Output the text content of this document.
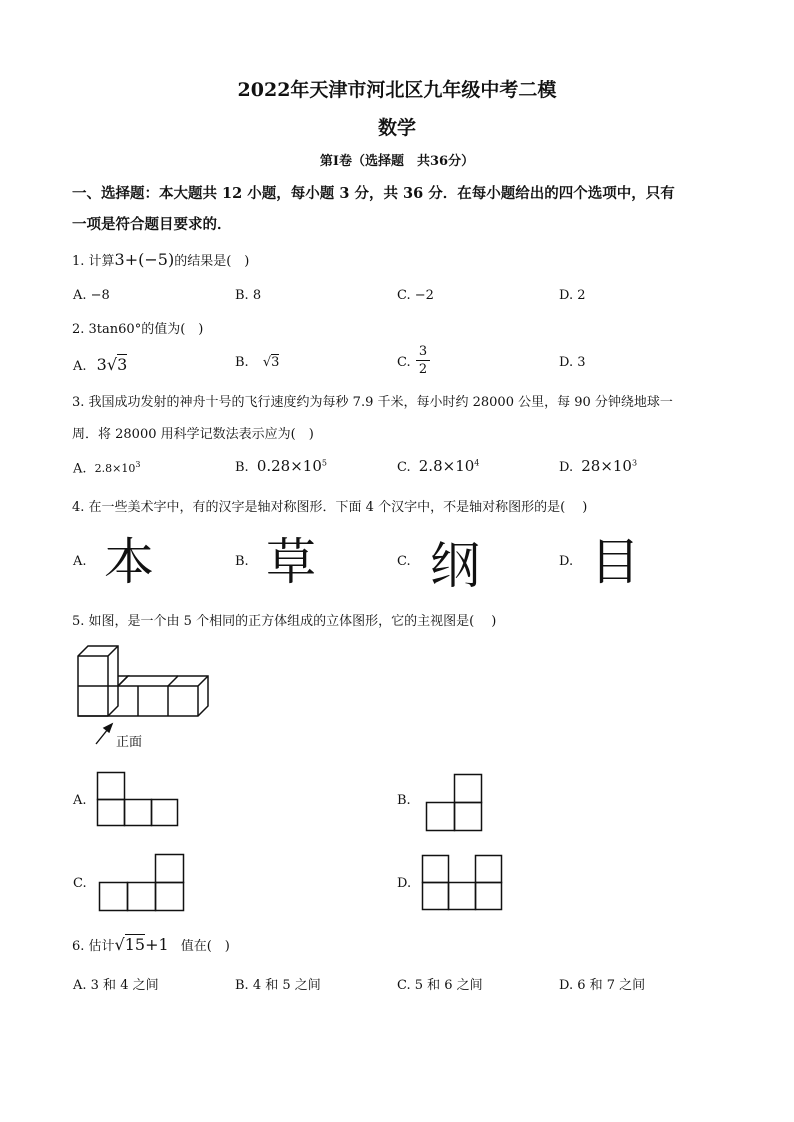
2022年天津市河北区九年级中考二模
数学
第Ⅰ卷（选择题　共36分）
一、选择题：本大题共 12 小题，每小题 3 分，共 36 分．在每小题给出的四个选项中，只有
一项是符合题目要求的．
1. 计算3+(−5)的结果是(　)
A. −8	B. 8	C. −2	D. 2
2. 3tan60°的值为(　)
A. 3√3	B. √3	C. $\frac{3}{2}$	D. 3
3. 我国成功发射的神舟十号的飞行速度约为每秒 7.9 千米，每小时约 28000 公里，每 90 分钟绕地球一
周．将 28000 用科学记数法表示应为(　)
A. $2.8\times 10^3$	B. $0.28\times 10^5$	C. $2.8\times 10^4$	D. $28\times 10^3$
4. 在一些美术字中，有的汉字是轴对称图形．下面 4 个汉字中，不是轴对称图形的是(　 )
A. 本	B. 草	C. 纲	D. 目
5. 如图，是一个由 5 个相同的正方体组成的立体图形，它的主视图是(　 )
正面
A.	B.
C.	D.
6. 估计√15+1 值在(　)
A. 3 和 4 之间	B. 4 和 5 之间	C. 5 和 6 之间	D. 6 和 7 之间
